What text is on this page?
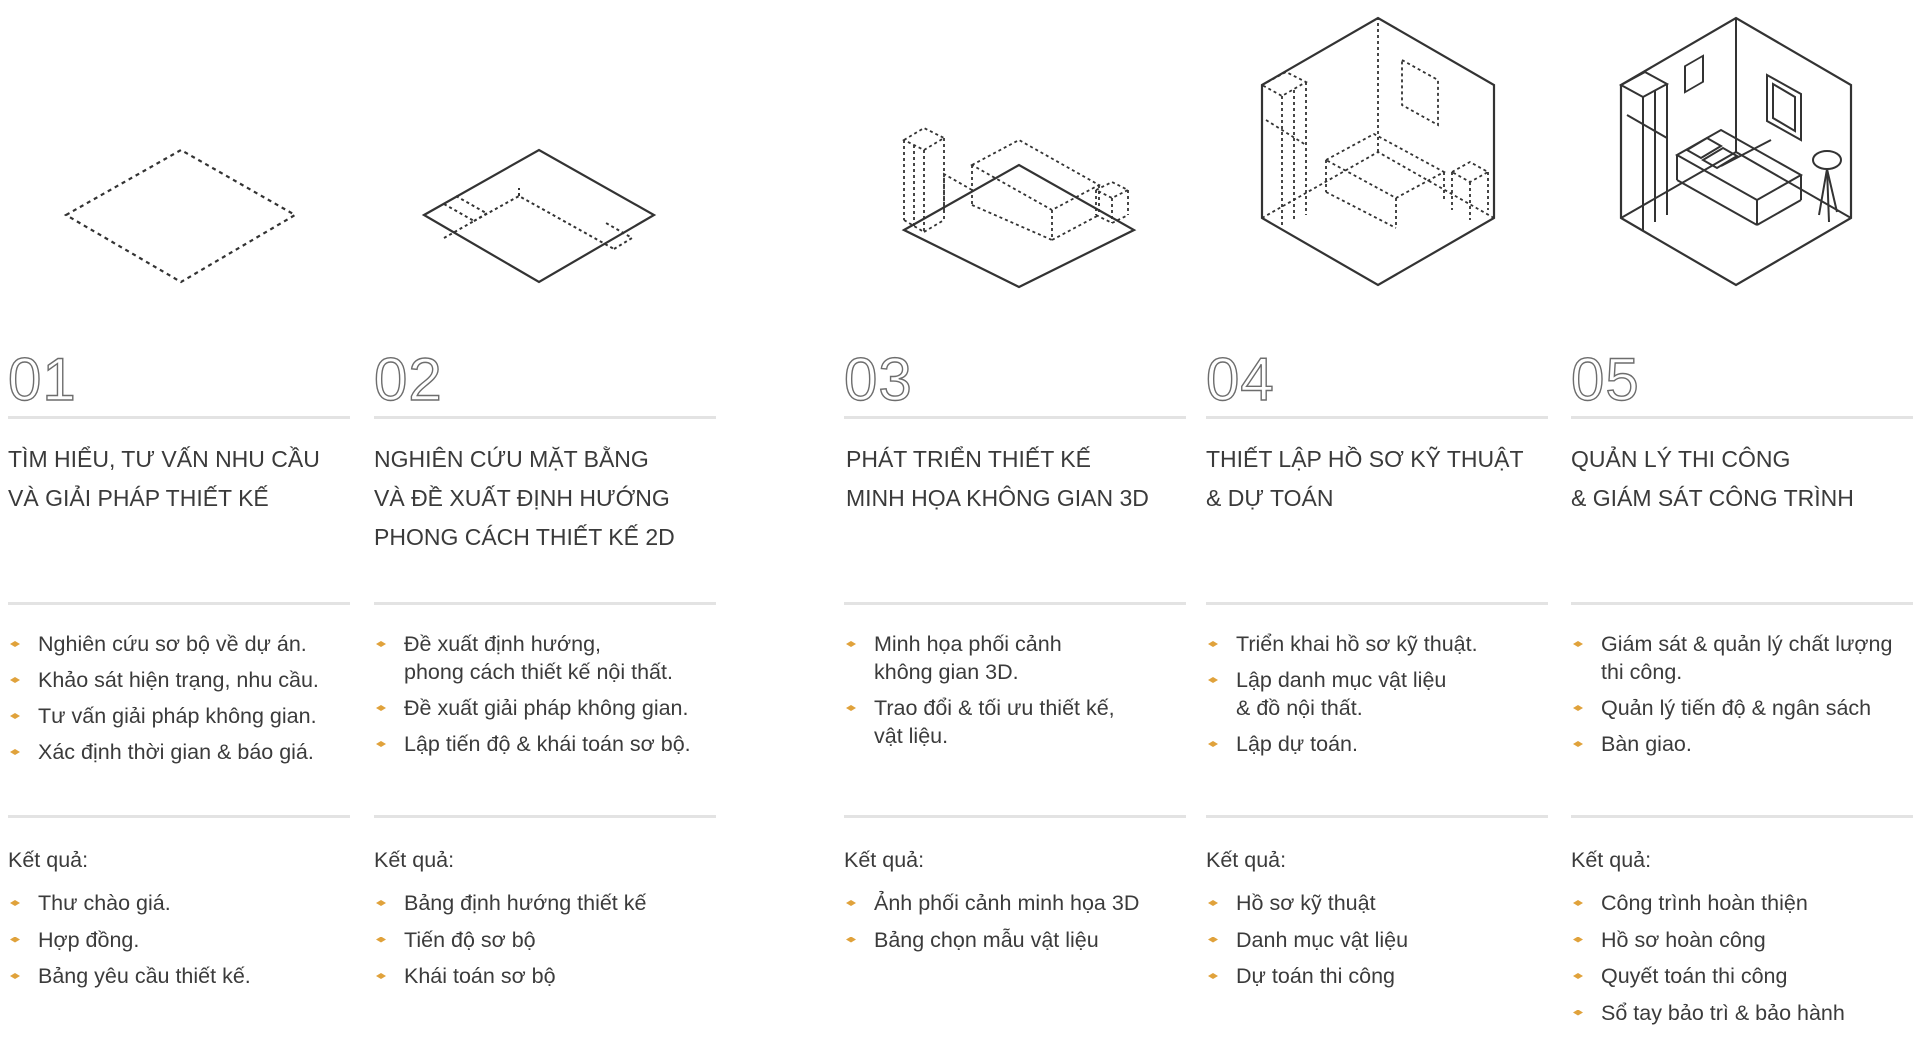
01
TÌM HIỂU, TƯ VẤN NHU CẦU
VÀ GIẢI PHÁP THIẾT KẾ
Nghiên cứu sơ bộ về dự án.
Khảo sát hiện trạng, nhu cầu.
Tư vấn giải pháp không gian.
Xác định thời gian & báo giá.
Kết quả:
Thư chào giá.
Hợp đồng.
Bảng yêu cầu thiết kế.
02
NGHIÊN CỨU MẶT BẰNG
VÀ ĐỀ XUẤT ĐỊNH HƯỚNG
PHONG CÁCH THIẾT KẾ 2D
Đề xuất định hướng,
phong cách thiết kế nội thất.
Đề xuất giải pháp không gian.
Lập tiến độ & khái toán sơ bộ.
Kết quả:
Bảng định hướng thiết kế
Tiến độ sơ bộ
Khái toán sơ bộ
03
PHÁT TRIỂN THIẾT KẾ
MINH HỌA KHÔNG GIAN 3D
Minh họa phối cảnh
không gian 3D.
Trao đổi & tối ưu thiết kế,
vật liệu.
Kết quả:
Ảnh phối cảnh minh họa 3D
Bảng chọn mẫu vật liệu
04
THIẾT LẬP HỒ SƠ KỸ THUẬT
& DỰ TOÁN
Triển khai hồ sơ kỹ thuật.
Lập danh mục vật liệu
& đồ nội thất.
Lập dự toán.
Kết quả:
Hồ sơ kỹ thuật
Danh mục vật liệu
Dự toán thi công
05
QUẢN LÝ THI CÔNG
& GIÁM SÁT CÔNG TRÌNH
Giám sát & quản lý chất lượng
thi công.
Quản lý tiến độ & ngân sách
Bàn giao.
Kết quả:
Công trình hoàn thiện
Hồ sơ hoàn công
Quyết toán thi công
Sổ tay bảo trì & bảo hành
